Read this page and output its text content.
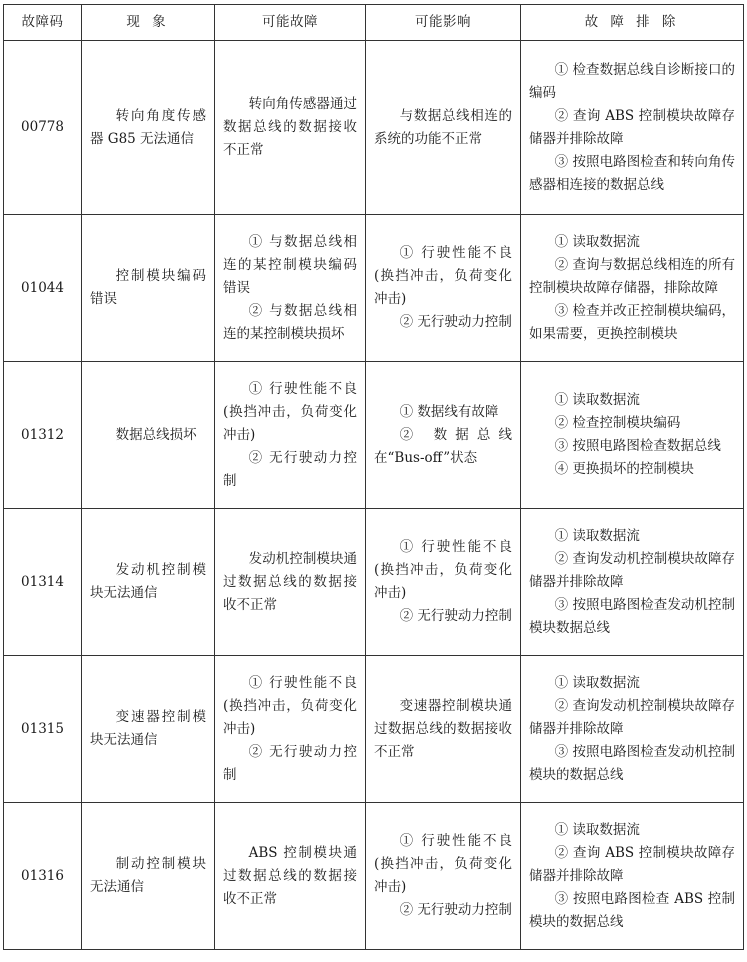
故障码	现 象	可能故障	可能影响	故 障 排 除
00778	转向角度传感器 G85 无法通信	转向角传感器通过数据总线的数据接收不正常	与数据总线相连的系统的功能不正常	① 检查数据总线自诊断接口的编码
② 查询 ABS 控制模块故障存储器并排除故障
③ 按照电路图检查和转向角传感器相连接的数据总线

01044	控制模块编码错误	① 与数据总线相连的某控制模块编码错误
② 与数据总线相连的某控制模块损坏	① 行驶性能不良(换挡冲击，负荷变化冲击)
② 无行驶动力控制	① 读取数据流
② 查询与数据总线相连的所有控制模块故障存储器，排除故障
③ 检查并改正控制模块编码，如果需要，更换控制模块

01312	数据总线损坏	① 行驶性能不良(换挡冲击，负荷变化冲击)
② 无行驶动力控制	① 数据线有故障
② 数据总线在“Bus-off”状态	① 读取数据流
② 检查控制模块编码
③ 按照电路图检查数据总线
④ 更换损坏的控制模块

01314	发动机控制模块无法通信	发动机控制模块通过数据总线的数据接收不正常	① 行驶性能不良(换挡冲击，负荷变化冲击)
② 无行驶动力控制	① 读取数据流
② 查询发动机控制模块故障存储器并排除故障
③ 按照电路图检查发动机控制模块数据总线

01315	变速器控制模块无法通信	① 行驶性能不良(换挡冲击，负荷变化冲击)
② 无行驶动力控制	变速器控制模块通过数据总线的数据接收不正常	① 读取数据流
② 查询发动机控制模块故障存储器并排除故障
③ 按照电路图检查发动机控制模块的数据总线

01316	制动控制模块无法通信	ABS 控制模块通过数据总线的数据接收不正常	① 行驶性能不良(换挡冲击，负荷变化冲击)
② 无行驶动力控制	① 读取数据流
② 查询 ABS 控制模块故障存储器并排除故障
③ 按照电路图检查 ABS 控制模块的数据总线
